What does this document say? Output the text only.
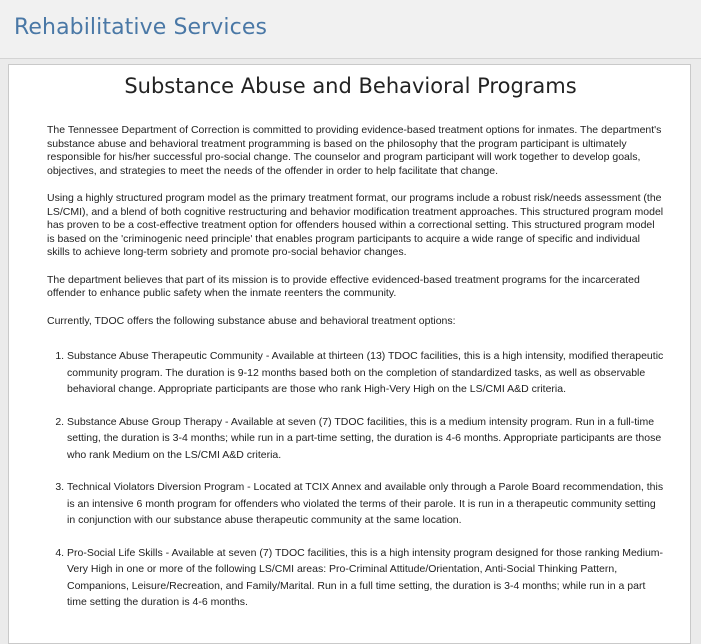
Rehabilitative Services
Substance Abuse and Behavioral Programs

The Tennessee Department of Correction is committed to providing evidence-based treatment options for inmates. The department's substance abuse and behavioral treatment programming is based on the philosophy that the program participant is ultimately responsible for his/her successful pro-social change. The counselor and program participant will work together to develop goals, objectives, and strategies to meet the needs of the offender in order to help facilitate that change.

Using a highly structured program model as the primary treatment format, our programs include a robust risk/needs assessment (the LS/CMI), and a blend of both cognitive restructuring and behavior modification treatment approaches. This structured program model has proven to be a cost-effective treatment option for offenders housed within a correctional setting. This structured program model is based on the 'criminogenic need principle' that enables program participants to acquire a wide range of specific and individual skills to achieve long-term sobriety and promote pro-social behavior changes.

The department believes that part of its mission is to provide effective evidenced-based treatment programs for the incarcerated offender to enhance public safety when the inmate reenters the community.

Currently, TDOC offers the following substance abuse and behavioral treatment options:

1. Substance Abuse Therapeutic Community - Available at thirteen (13) TDOC facilities, this is a high intensity, modified therapeutic community program. The duration is 9-12 months based both on the completion of standardized tasks, as well as observable behavioral change. Appropriate participants are those who rank High-Very High on the LS/CMI A&D criteria.
2. Substance Abuse Group Therapy - Available at seven (7) TDOC facilities, this is a medium intensity program. Run in a full-time setting, the duration is 3-4 months; while run in a part-time setting, the duration is 4-6 months. Appropriate participants are those who rank Medium on the LS/CMI A&D criteria.
3. Technical Violators Diversion Program - Located at TCIX Annex and available only through a Parole Board recommendation, this is an intensive 6 month program for offenders who violated the terms of their parole. It is run in a therapeutic community setting in conjunction with our substance abuse therapeutic community at the same location.
4. Pro-Social Life Skills - Available at seven (7) TDOC facilities, this is a high intensity program designed for those ranking Medium-Very High in one or more of the following LS/CMI areas: Pro-Criminal Attitude/Orientation, Anti-Social Thinking Pattern, Companions, Leisure/Recreation, and Family/Marital. Run in a full time setting, the duration is 3-4 months; while run in a part time setting the duration is 4-6 months.
